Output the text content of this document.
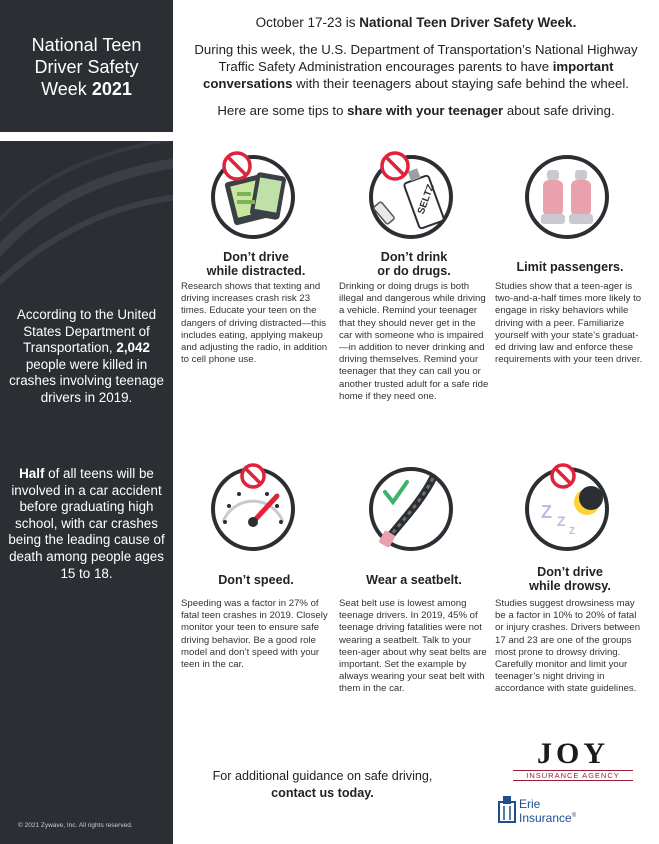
National Teen
Driver Safety
Week 2021
According to the United States Department of Transportation, 2,042 people were killed in crashes involving teenage drivers in 2019.
Half of all teens will be involved in a car accident before graduating high school, with car crashes being the leading cause of death among people ages 15 to 18.
© 2021 Zywave, Inc. All rights reserved.

October 17-23 is National Teen Driver Safety Week.

During this week, the U.S. Department of Transportation’s National Highway Traffic Safety Administration encourages parents to have important conversations with their teenagers about staying safe behind the wheel.

Here are some tips to share with your teenager about safe driving.

Don’t drive
while distracted.
Research shows that texting and driving increases crash risk 23 times. Educate your teen on the dangers of driving distracted—this includes eating, applying makeup and adjusting the radio, in addition to cell phone use.
SELTZ
Don’t drink
or do drugs.
Drinking or doing drugs is both illegal and dangerous while driving a vehicle. Remind your teenager that they should never get in the car with someone who is impaired—in addition to never drinking and driving themselves. Remind your teenager that they can call you or another trusted adult for a safe ride home if they need one.
Limit passengers.
Studies show that a teen-ager is two-and-a-half times more likely to engage in risky behaviors while driving with a peer. Familiarize yourself with your state’s graduat-ed driving law and enforce these requirements with your teen driver.
Don’t speed.
Speeding was a factor in 27% of fatal teen crashes in 2019. Closely monitor your teen to ensure safe driving behavior. Be a good role model and don’t speed with your teen in the car.
Wear a seatbelt.
Seat belt use is lowest among teenage drivers. In 2019, 45% of teenage driving fatalities were not wearing a seatbelt. Talk to your teen-ager about why seat belts are important. Set the example by always wearing your seat belt with them in the car.
Z Z
Z
Don’t drive
while drowsy.
Studies suggest drowsiness may be a factor in 10% to 20% of fatal or injury crashes. Drivers between 17 and 23 are one of the groups most prone to drowsy driving. Carefully monitor and limit your teenager’s night driving in accordance with state guidelines.
For additional guidance on safe driving, contact us today.
JOY
INSURANCE AGENCY
Erie
Insurance®
